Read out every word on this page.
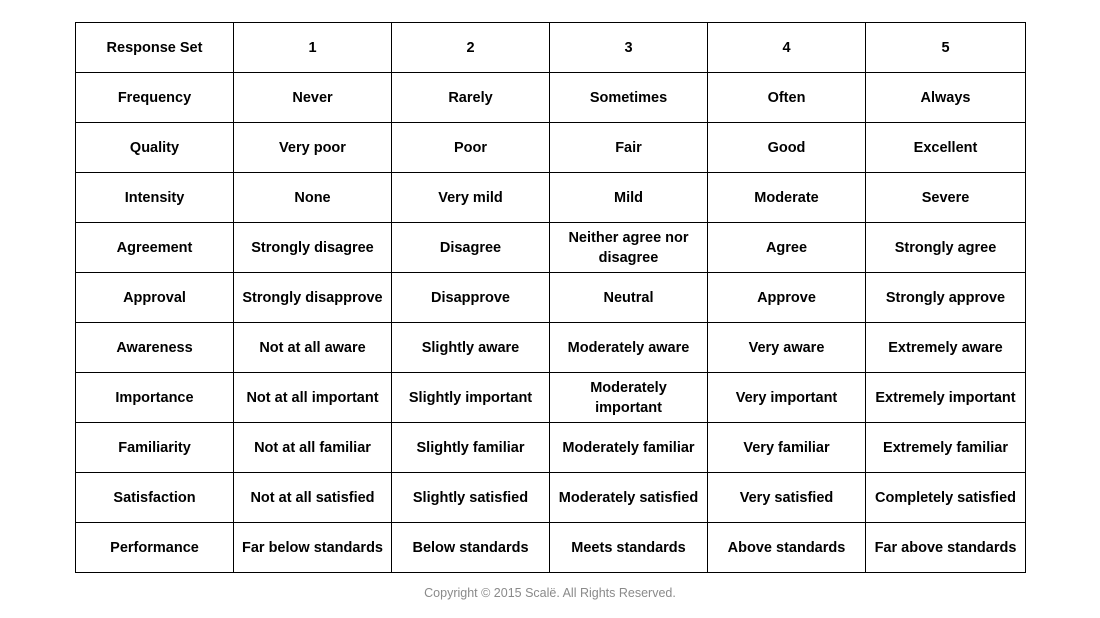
Response Set	1	2	3	4	5
Frequency	Never	Rarely	Sometimes	Often	Always
Quality	Very poor	Poor	Fair	Good	Excellent
Intensity	None	Very mild	Mild	Moderate	Severe
Agreement	Strongly disagree	Disagree	Neither agree nor disagree	Agree	Strongly agree
Approval	Strongly disapprove	Disapprove	Neutral	Approve	Strongly approve
Awareness	Not at all aware	Slightly aware	Moderately aware	Very aware	Extremely aware
Importance	Not at all important	Slightly important	Moderately important	Very important	Extremely important
Familiarity	Not at all familiar	Slightly familiar	Moderately familiar	Very familiar	Extremely familiar
Satisfaction	Not at all satisfied	Slightly satisfied	Moderately satisfied	Very satisfied	Completely satisfied
Performance	Far below standards	Below standards	Meets standards	Above standards	Far above standards
Copyright © 2015 Scalë. All Rights Reserved.
